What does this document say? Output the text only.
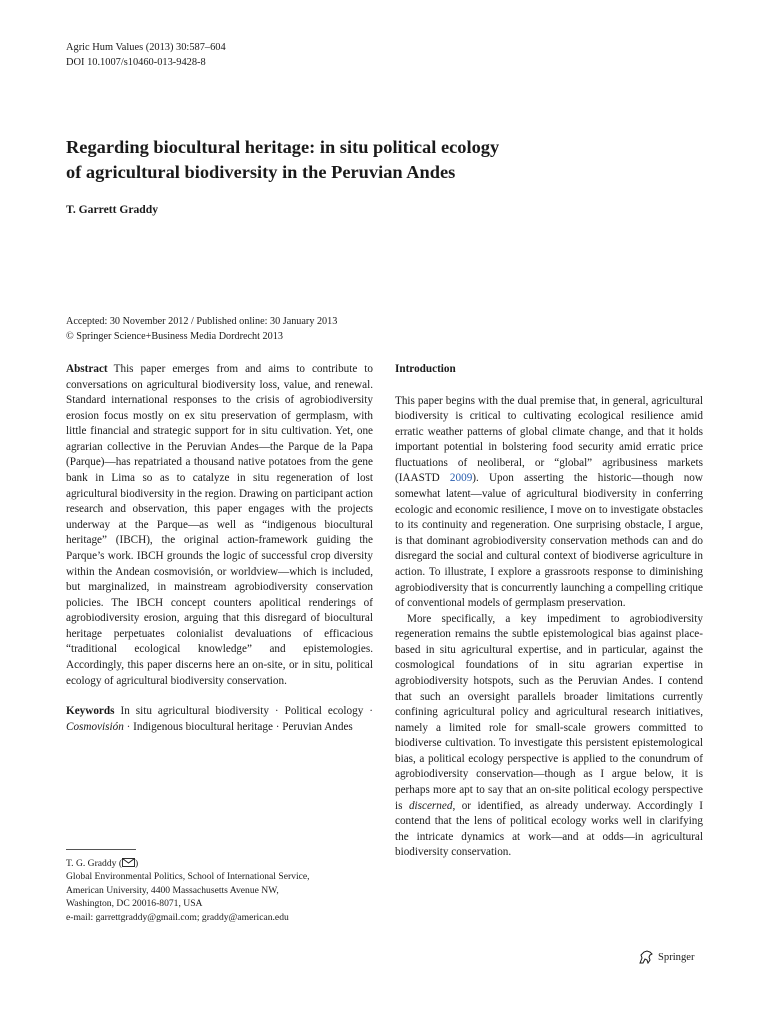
Agric Hum Values (2013) 30:587–604
DOI 10.1007/s10460-013-9428-8
Regarding biocultural heritage: in situ political ecology
of agricultural biodiversity in the Peruvian Andes
T. Garrett Graddy
Accepted: 30 November 2012 / Published online: 30 January 2013
© Springer Science+Business Media Dordrecht 2013

Abstract This paper emerges from and aims to contribute to conversations on agricultural biodiversity loss, value, and renewal. Standard international responses to the crisis of agrobiodiversity erosion focus mostly on ex situ preservation of germplasm, with little financial and strategic support for in situ cultivation. Yet, one agrarian collective in the Peruvian Andes—the Parque de la Papa (Parque)—has repatriated a thousand native potatoes from the gene bank in Lima so as to catalyze in situ regeneration of lost agricultural biodiversity in the region. Drawing on participant action research and observation, this paper engages with the projects underway at the Parque—as well as “indigenous biocultural heritage” (IBCH), the original action-framework guiding the Parque’s work. IBCH grounds the logic of successful crop diversity within the Andean cosmovisión, or worldview—which is included, but marginalized, in mainstream agrobiodiversity conservation policies. The IBCH concept counters apolitical renderings of agrobiodiversity erosion, arguing that this disregard of biocultural heritage perpetuates colonialist devaluations of efficacious “traditional ecological knowledge” and epistemologies. Accordingly, this paper discerns here an on-site, or in situ, political ecology of agricultural biodiversity conservation.

Keywords In situ agricultural biodiversity · Political ecology · Cosmovisión · Indigenous biocultural heritage · Peruvian Andes

T. G. Graddy ( )
Global Environmental Politics, School of International Service,
American University, 4400 Massachusetts Avenue NW,
Washington, DC 20016-8071, USA
e-mail: garrettgraddy@gmail.com; graddy@american.edu

Introduction

This paper begins with the dual premise that, in general, agricultural biodiversity is critical to cultivating ecological resilience amid erratic weather patterns of global climate change, and that it holds important potential in bolstering food security amid erratic price fluctuations of neoliberal, or “global” agribusiness markets (IAASTD 2009). Upon asserting the historic—though now somewhat latent—value of agricultural biodiversity in conferring ecologic and economic resilience, I move on to investigate obstacles to its continuity and regeneration. One surprising obstacle, I argue, is that dominant agrobiodiversity conservation methods can and do disregard the social and cultural context of biodiverse agriculture in action. To illustrate, I explore a grassroots response to diminishing agrobiodiversity that is concurrently launching a compelling critique of conventional models of germplasm preservation.

More specifically, a key impediment to agrobiodiversity regeneration remains the subtle epistemological bias against place-based in situ agricultural expertise, and in particular, against the cosmological foundations of in situ agrarian expertise in agrobiodiversity hotspots, such as the Peruvian Andes. I contend that such an oversight parallels broader limitations currently confining agricultural policy and agricultural research initiatives, namely a limited role for small-scale growers committed to biodiverse cultivation. To investigate this persistent epistemological bias, a political ecology perspective is applied to the conundrum of agrobiodiversity conservation—though as I argue below, it is perhaps more apt to say that an on-site political ecology perspective is discerned, or identified, as already underway. Accordingly I contend that the lens of political ecology works well in clarifying the intricate dynamics at work—and at odds—in agricultural biodiversity conservation.

Springer
